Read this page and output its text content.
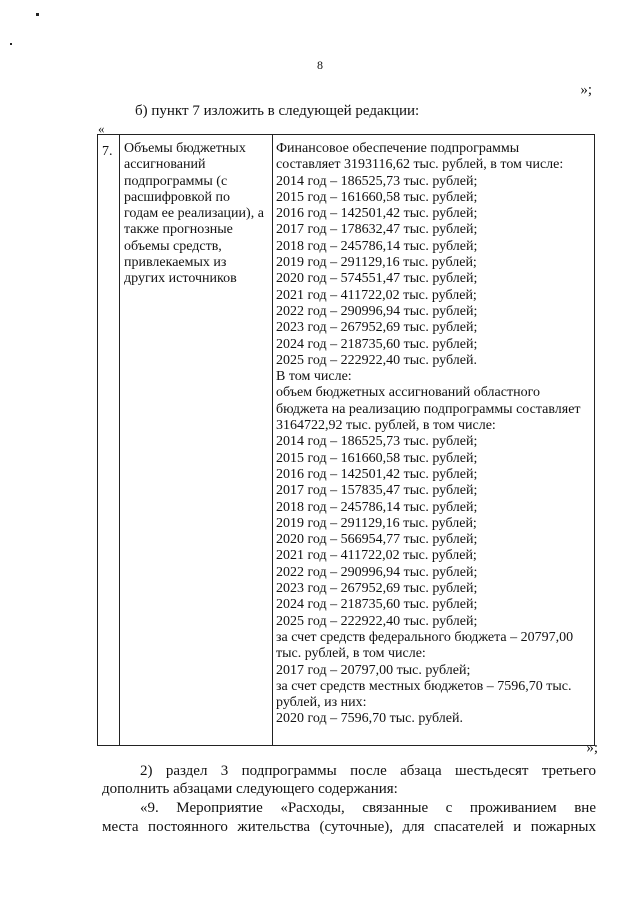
8
»;
б) пункт 7 изложить в следующей редакции:
«
7. Объемы бюджетных
ассигнований
подпрограммы (с
расшифровкой по
годам ее реализации), а
также прогнозные
объемы средств,
привлекаемых из
других источников
Финансовое обеспечение подпрограммы
составляет 3193116,62 тыс. рублей, в том числе:
2014 год – 186525,73 тыс. рублей;
2015 год – 161660,58 тыс. рублей;
2016 год – 142501,42 тыс. рублей;
2017 год – 178632,47 тыс. рублей;
2018 год – 245786,14 тыс. рублей;
2019 год – 291129,16 тыс. рублей;
2020 год – 574551,47 тыс. рублей;
2021 год – 411722,02 тыс. рублей;
2022 год – 290996,94 тыс. рублей;
2023 год – 267952,69 тыс. рублей;
2024 год – 218735,60 тыс. рублей;
2025 год – 222922,40 тыс. рублей.
В том числе:
объем бюджетных ассигнований областного
бюджета на реализацию подпрограммы составляет
3164722,92 тыс. рублей, в том числе:
2014 год – 186525,73 тыс. рублей;
2015 год – 161660,58 тыс. рублей;
2016 год – 142501,42 тыс. рублей;
2017 год – 157835,47 тыс. рублей;
2018 год – 245786,14 тыс. рублей;
2019 год – 291129,16 тыс. рублей;
2020 год – 566954,77 тыс. рублей;
2021 год – 411722,02 тыс. рублей;
2022 год – 290996,94 тыс. рублей;
2023 год – 267952,69 тыс. рублей;
2024 год – 218735,60 тыс. рублей;
2025 год – 222922,40 тыс. рублей;
за счет средств федерального бюджета – 20797,00
тыс. рублей, в том числе:
2017 год – 20797,00 тыс. рублей;
за счет средств местных бюджетов – 7596,70 тыс.
рублей, из них:
2020 год – 7596,70 тыс. рублей.
»;
2) раздел 3 подпрограммы после абзаца шестьдесят третьего дополнить абзацами следующего содержания:
«9. Мероприятие «Расходы, связанные с проживанием вне
места постоянного жительства (суточные), для спасателей и пожарных
